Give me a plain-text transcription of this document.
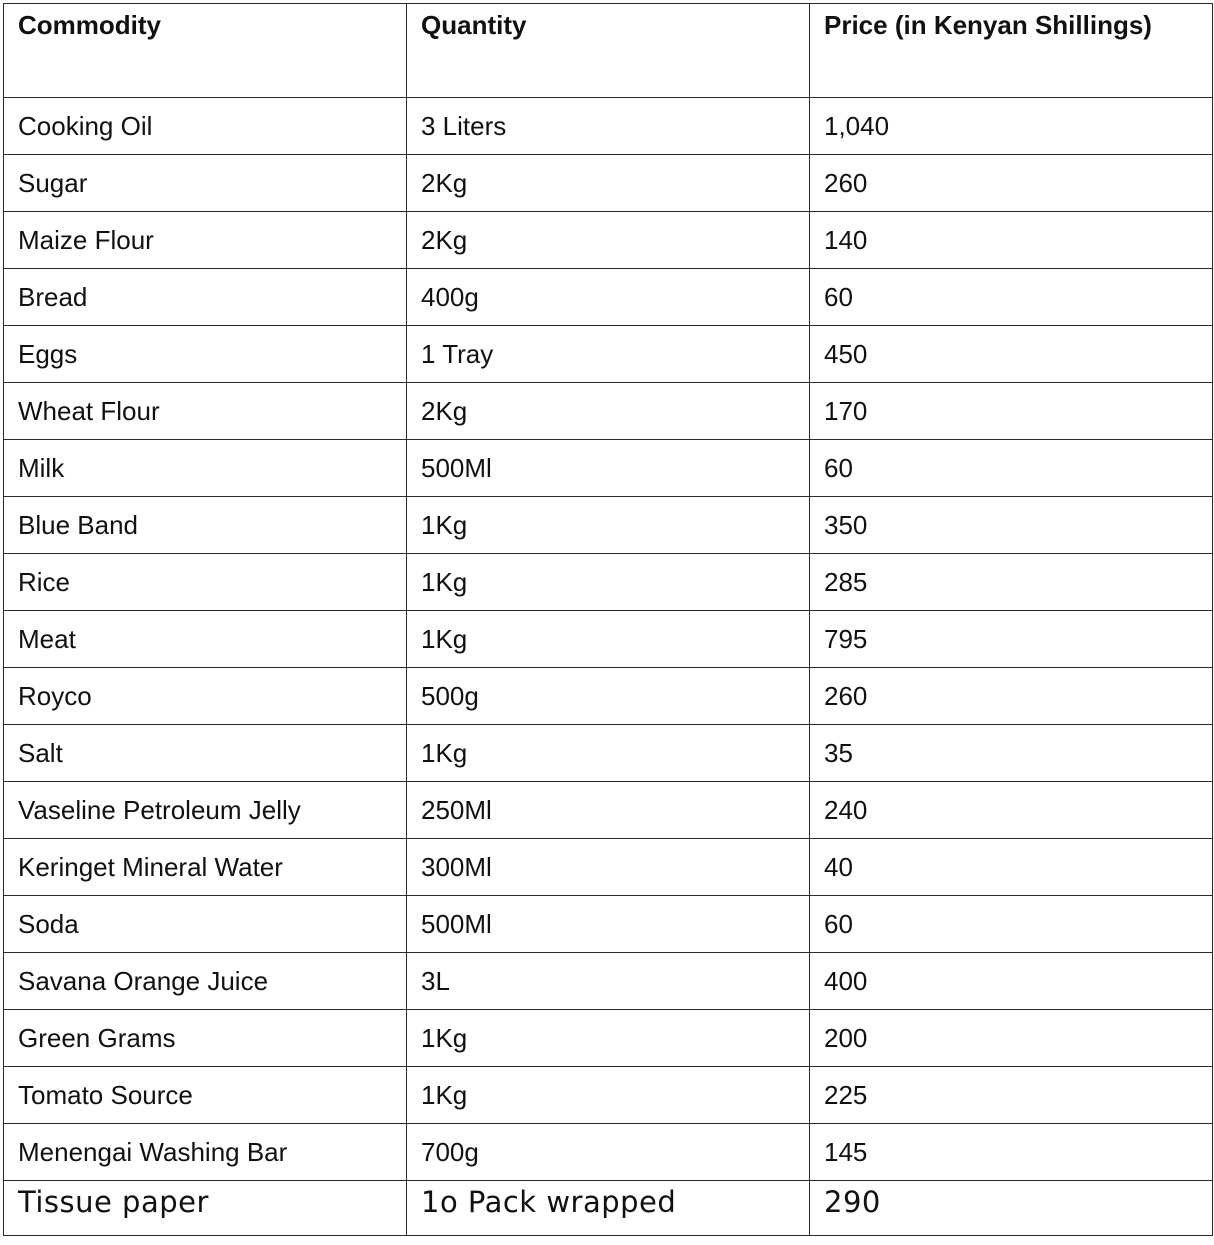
Commodity	Quantity	Price (in Kenyan Shillings)
Cooking Oil	3 Liters	1,040
Sugar	2Kg	260
Maize Flour	2Kg	140
Bread	400g	60
Eggs	1 Tray	450
Wheat Flour	2Kg	170
Milk	500Ml	60
Blue Band	1Kg	350
Rice	1Kg	285
Meat	1Kg	795
Royco	500g	260
Salt	1Kg	35
Vaseline Petroleum Jelly	250Ml	240
Keringet Mineral Water	300Ml	40
Soda	500Ml	60
Savana Orange Juice	3L	400
Green Grams	1Kg	200
Tomato Source	1Kg	225
Menengai Washing Bar	700g	145
Tissue paper	1o Pack wrapped	290
